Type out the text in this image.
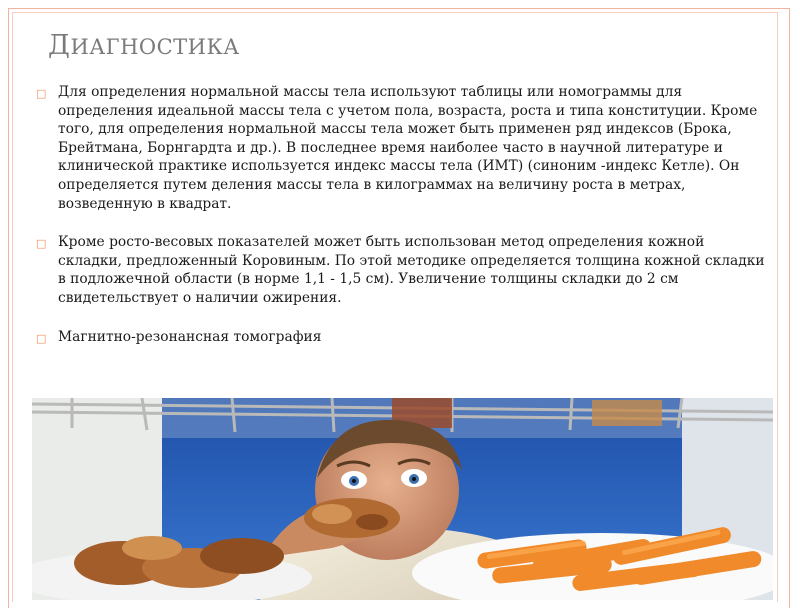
ДИАГНОСТИКА
□ Для определения нормальной массы тела используют таблицы или номограммы для определения идеальной массы тела с учетом пола, возраста, роста и типа конституции. Кроме того, для определения нормальной массы тела может быть применен ряд индексов (Брока, Брейтмана, Борнгардта и др.). В последнее время наиболее часто в научной литературе и клинической практике используется индекс массы тела (ИМТ) (синоним -индекс Кетле). Он определяется путем деления массы тела в килограммах на величину роста в метрах, возведенную в квадрат.
□ Кроме росто-весовых показателей может быть использован метод определения кожной складки, предложенный Коровиным. По этой методике определяется толщина кожной складки в подложечной области (в норме 1,1 - 1,5 см). Увеличение толщины складки до 2 см свидетельствует о наличии ожирения.
□ Магнитно-резонансная томография
